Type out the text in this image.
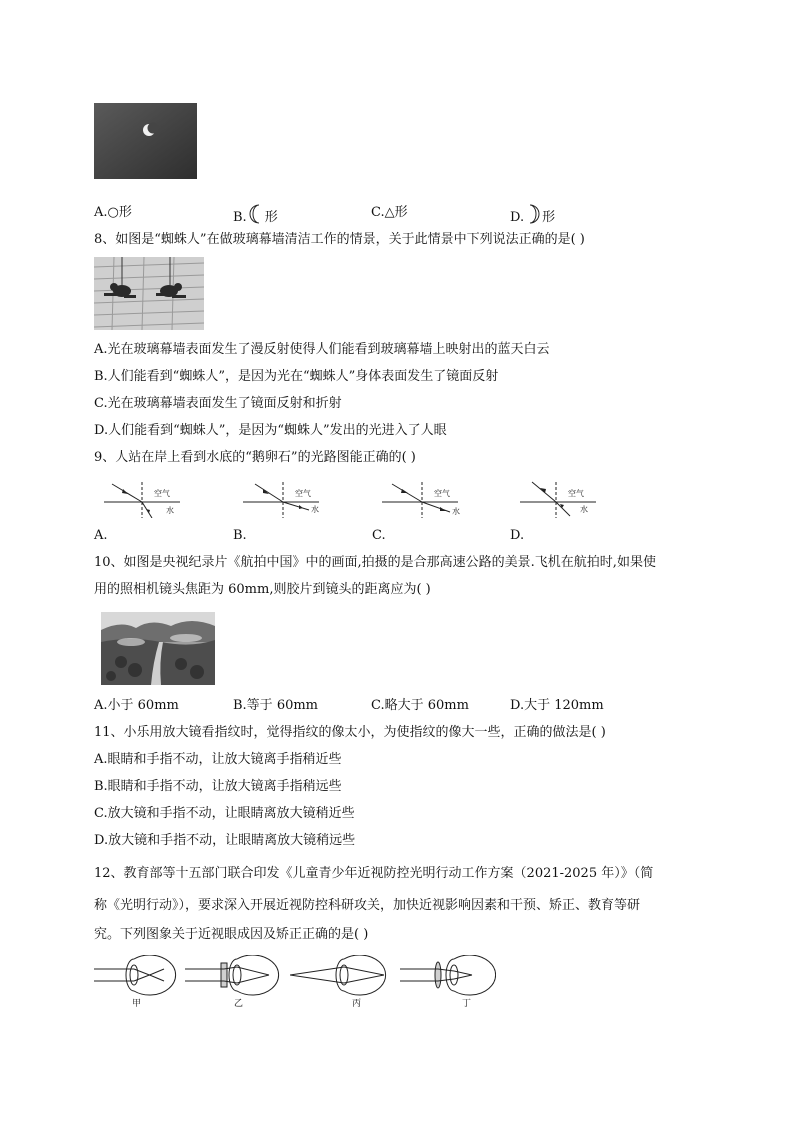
A.○形	B. 形	C.△形	D. 形
8、如图是“蜘蛛人”在做玻璃幕墙清洁工作的情景，关于此情景中下列说法正确的是( )
A.光在玻璃幕墙表面发生了漫反射使得人们能看到玻璃幕墙上映射出的蓝天白云
B.人们能看到“蜘蛛人”，是因为光在“蜘蛛人”身体表面发生了镜面反射
C.光在玻璃幕墙表面发生了镜面反射和折射
D.人们能看到“蜘蛛人”，是因为“蜘蛛人”发出的光进入了人眼
9、人站在岸上看到水底的“鹅卵石”的光路图能正确的( )
空气
水
A.
空气
水
B.
空气
水
C.
空气
水
D.
10、如图是央视纪录片《航拍中国》中的画面,拍摄的是合那高速公路的美景.飞机在航拍时,如果使
用的照相机镜头焦距为 60mm,则胶片到镜头的距离应为( )
A.小于 60mm	B.等于 60mm	C.略大于 60mm	D.大于 120mm
11、小乐用放大镜看指纹时，觉得指纹的像太小，为使指纹的像大一些，正确的做法是( )
A.眼睛和手指不动，让放大镜离手指稍近些
B.眼睛和手指不动，让放大镜离手指稍远些
C.放大镜和手指不动，让眼睛离放大镜稍近些
D.放大镜和手指不动，让眼睛离放大镜稍远些
12、教育部等十五部门联合印发《儿童青少年近视防控光明行动工作方案（2021-2025 年）》（简
称《光明行动》），要求深入开展近视防控科研攻关，加快近视影响因素和干预、矫正、教育等研
究。下列图象关于近视眼成因及矫正正确的是( )
甲	乙	丙	丁
